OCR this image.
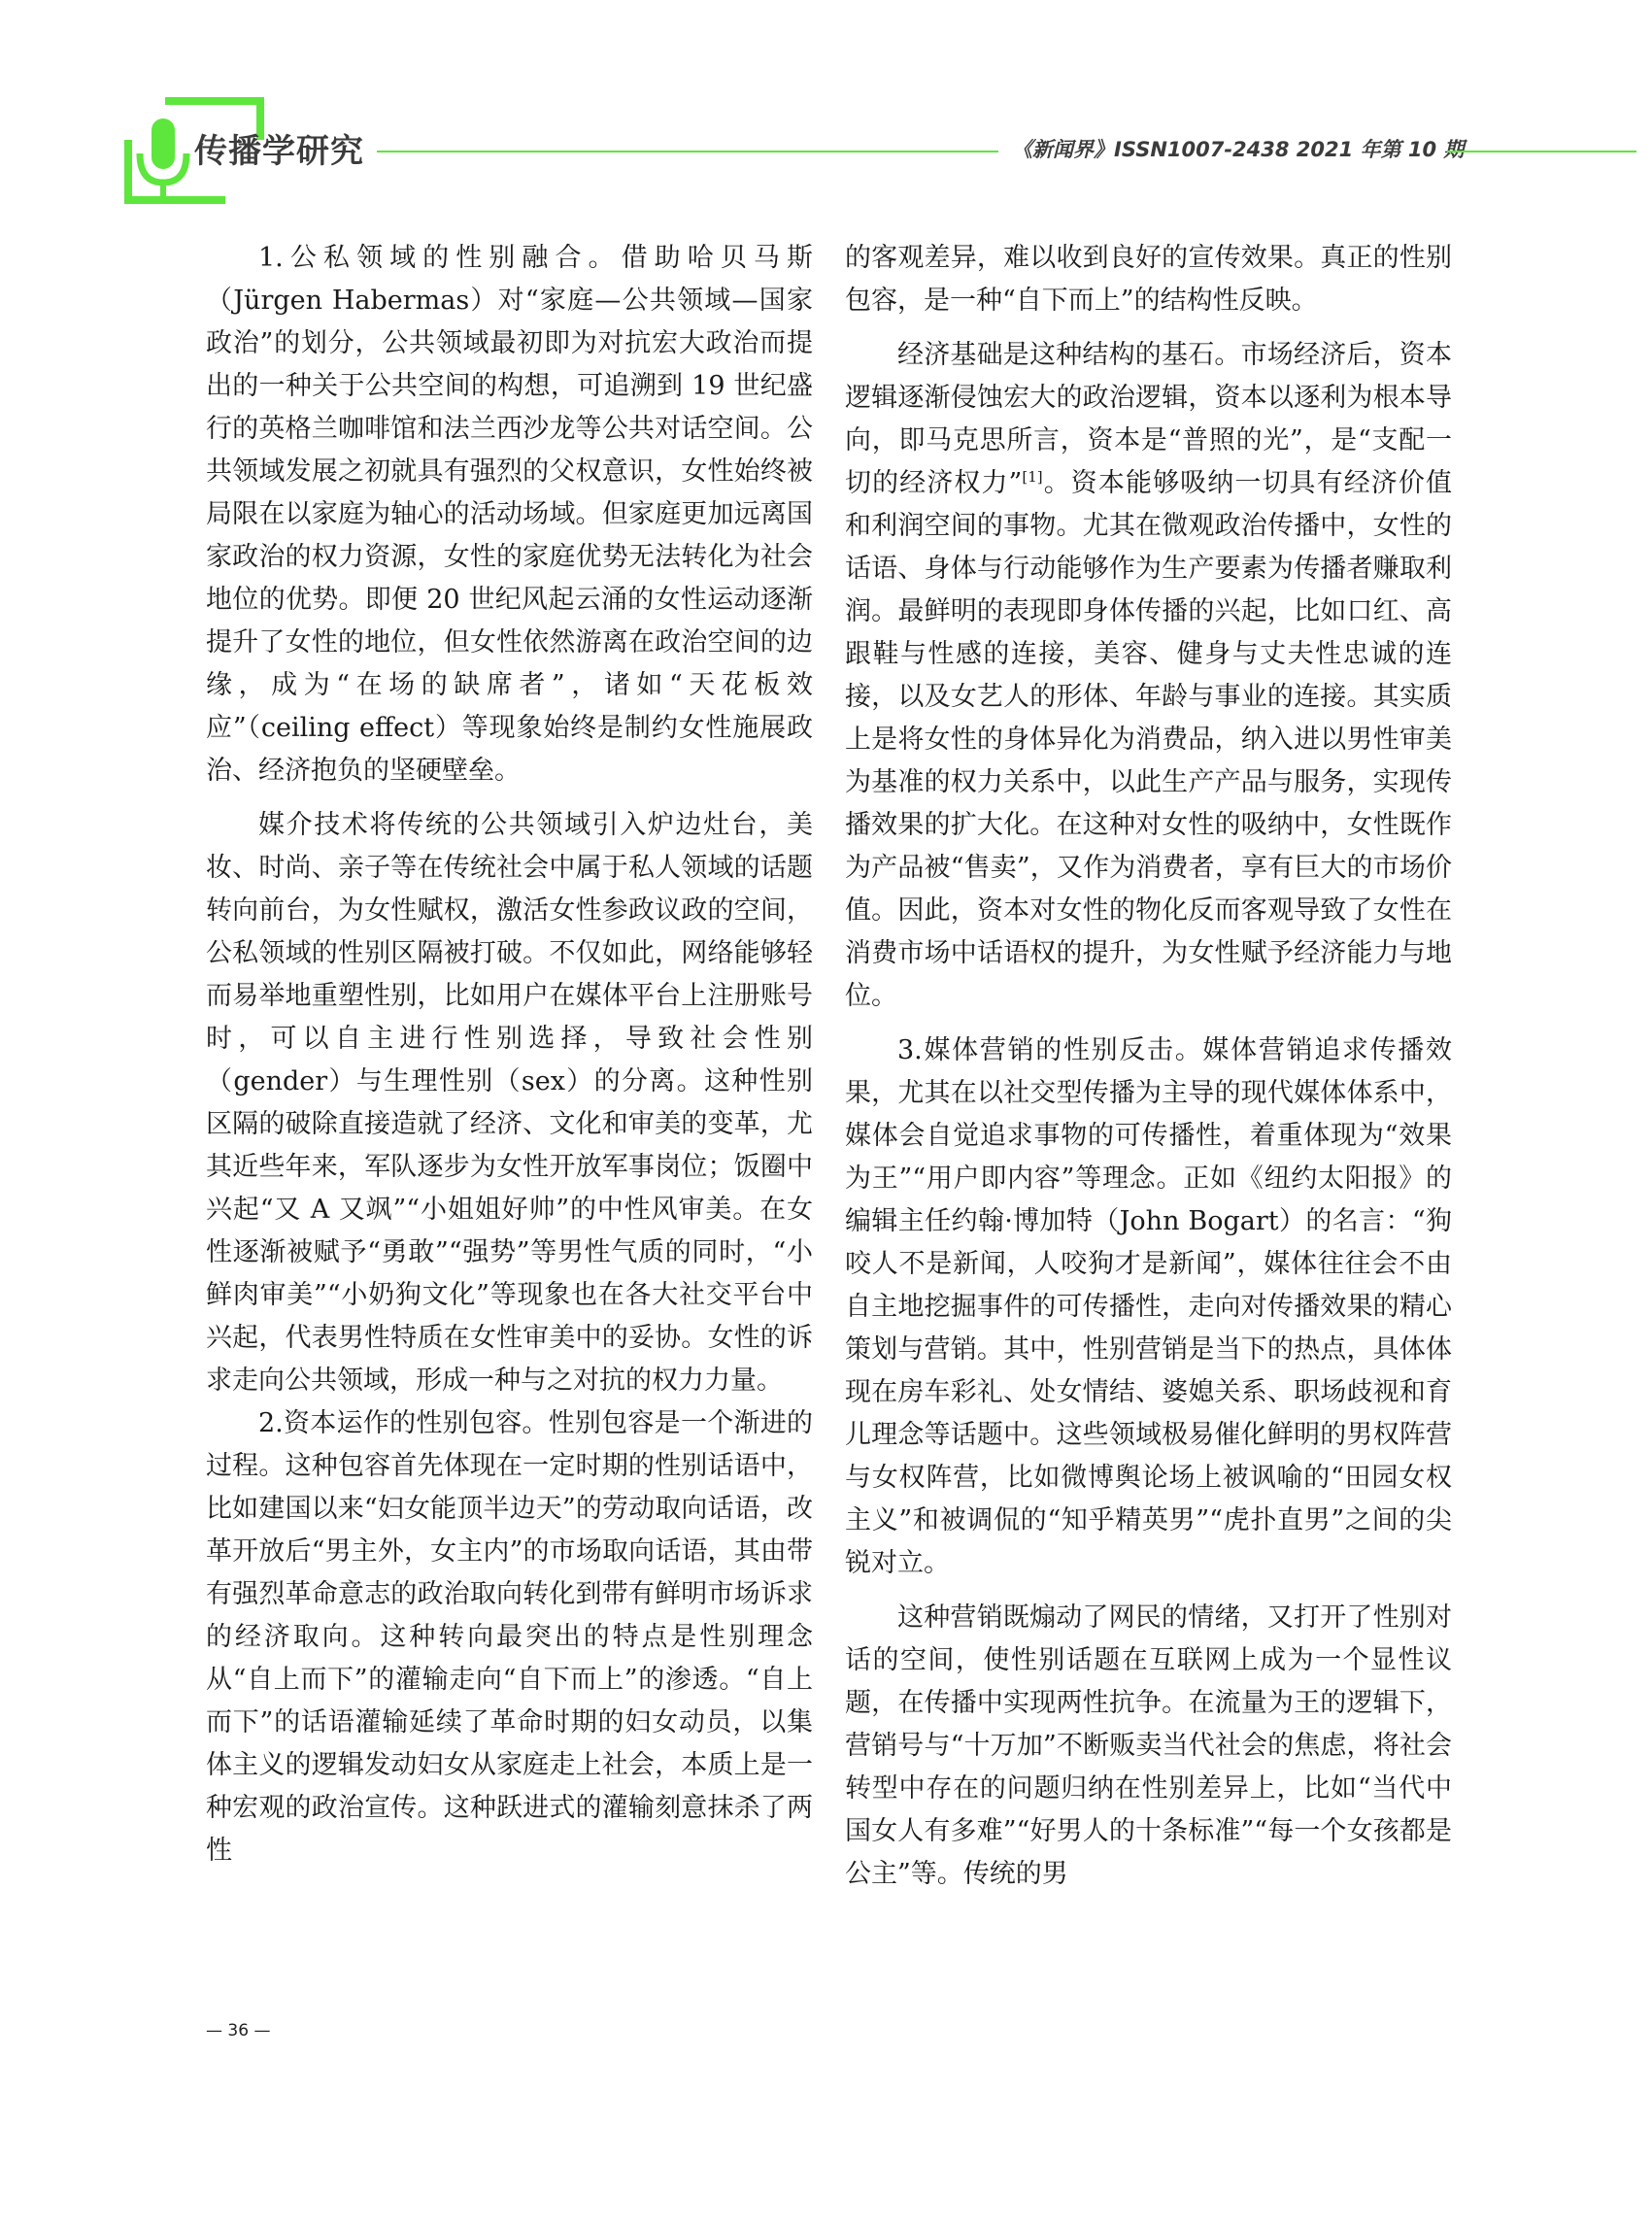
传播学研究	《新闻界》ISSN1007-2438 2021 年第 10 期

1.公私领域的性别融合。借助哈贝马斯（Jürgen Habermas）对“家庭—公共领域—国家政治”的划分，公共领域最初即为对抗宏大政治而提出的一种关于公共空间的构想，可追溯到 19 世纪盛行的英格兰咖啡馆和法兰西沙龙等公共对话空间。公共领域发展之初就具有强烈的父权意识，女性始终被局限在以家庭为轴心的活动场域。但家庭更加远离国家政治的权力资源，女性的家庭优势无法转化为社会地位的优势。即便 20 世纪风起云涌的女性运动逐渐提升了女性的地位，但女性依然游离在政治空间的边缘，成为“在场的缺席者”，诸如“天花板效应”（ceiling effect）等现象始终是制约女性施展政治、经济抱负的坚硬壁垒。

媒介技术将传统的公共领域引入炉边灶台，美妆、时尚、亲子等在传统社会中属于私人领域的话题转向前台，为女性赋权，激活女性参政议政的空间，公私领域的性别区隔被打破。不仅如此，网络能够轻而易举地重塑性别，比如用户在媒体平台上注册账号时，可以自主进行性别选择，导致社会性别（gender）与生理性别（sex）的分离。这种性别区隔的破除直接造就了经济、文化和审美的变革，尤其近些年来，军队逐步为女性开放军事岗位；饭圈中兴起“又 A 又飒”“小姐姐好帅”的中性风审美。在女性逐渐被赋予“勇敢”“强势”等男性气质的同时，“小鲜肉审美”“小奶狗文化”等现象也在各大社交平台中兴起，代表男性特质在女性审美中的妥协。女性的诉求走向公共领域，形成一种与之对抗的权力力量。

2.资本运作的性别包容。性别包容是一个渐进的过程。这种包容首先体现在一定时期的性别话语中，比如建国以来“妇女能顶半边天”的劳动取向话语，改革开放后“男主外，女主内”的市场取向话语，其由带有强烈革命意志的政治取向转化到带有鲜明市场诉求的经济取向。这种转向最突出的特点是性别理念从“自上而下”的灌输走向“自下而上”的渗透。“自上而下”的话语灌输延续了革命时期的妇女动员，以集体主义的逻辑发动妇女从家庭走上社会，本质上是一种宏观的政治宣传。这种跃进式的灌输刻意抹杀了两性

的客观差异，难以收到良好的宣传效果。真正的性别包容，是一种“自下而上”的结构性反映。

经济基础是这种结构的基石。市场经济后，资本逻辑逐渐侵蚀宏大的政治逻辑，资本以逐利为根本导向，即马克思所言，资本是“普照的光”，是“支配一切的经济权力”[1]。资本能够吸纳一切具有经济价值和利润空间的事物。尤其在微观政治传播中，女性的话语、身体与行动能够作为生产要素为传播者赚取利润。最鲜明的表现即身体传播的兴起，比如口红、高跟鞋与性感的连接，美容、健身与丈夫性忠诚的连接，以及女艺人的形体、年龄与事业的连接。其实质上是将女性的身体异化为消费品，纳入进以男性审美为基准的权力关系中，以此生产产品与服务，实现传播效果的扩大化。在这种对女性的吸纳中，女性既作为产品被“售卖”，又作为消费者，享有巨大的市场价值。因此，资本对女性的物化反而客观导致了女性在消费市场中话语权的提升，为女性赋予经济能力与地位。

3.媒体营销的性别反击。媒体营销追求传播效果，尤其在以社交型传播为主导的现代媒体体系中，媒体会自觉追求事物的可传播性，着重体现为“效果为王”“用户即内容”等理念。正如《纽约太阳报》的编辑主任约翰·博加特（John Bogart）的名言：“狗咬人不是新闻，人咬狗才是新闻”，媒体往往会不由自主地挖掘事件的可传播性，走向对传播效果的精心策划与营销。其中，性别营销是当下的热点，具体体现在房车彩礼、处女情结、婆媳关系、职场歧视和育儿理念等话题中。这些领域极易催化鲜明的男权阵营与女权阵营，比如微博舆论场上被讽喻的“田园女权主义”和被调侃的“知乎精英男”“虎扑直男”之间的尖锐对立。

这种营销既煽动了网民的情绪，又打开了性别对话的空间，使性别话题在互联网上成为一个显性议题，在传播中实现两性抗争。在流量为王的逻辑下，营销号与“十万加”不断贩卖当代社会的焦虑，将社会转型中存在的问题归纳在性别差异上，比如“当代中国女人有多难”“好男人的十条标准”“每一个女孩都是公主”等。传统的男

— 36 —
